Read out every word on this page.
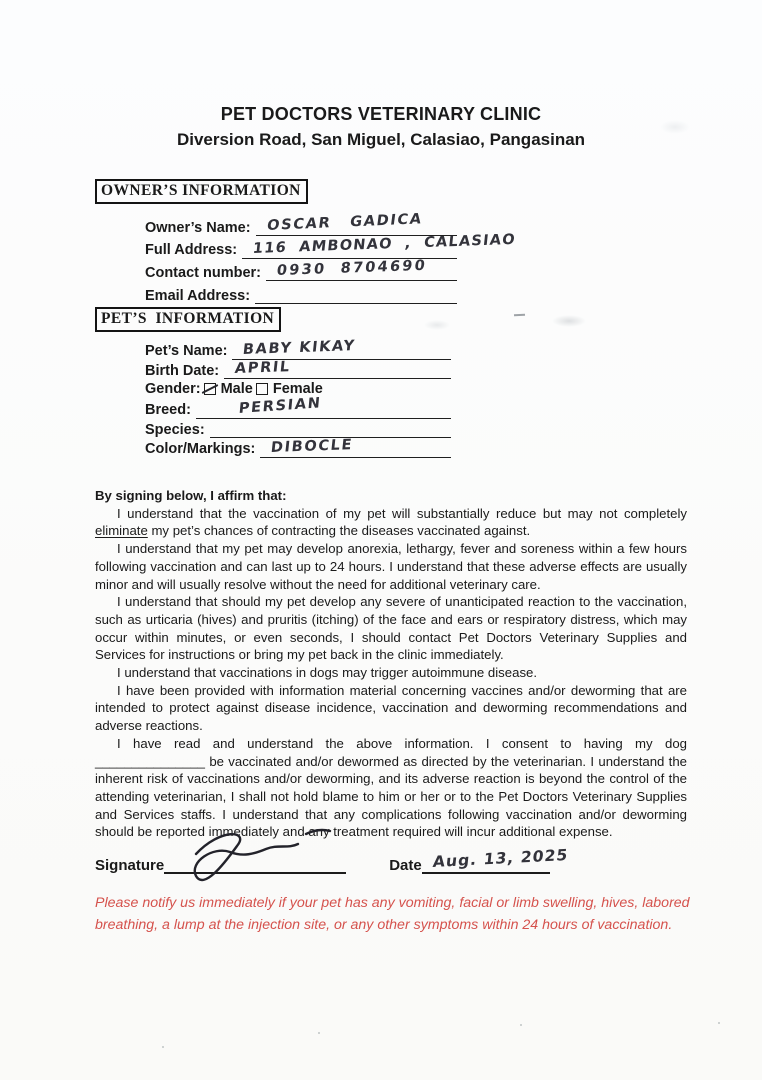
PET DOCTORS VETERINARY CLINIC
Diversion Road, San Miguel, Calasiao, Pangasinan
OWNER’S INFORMATION
Owner’s Name:	OSCAR GADICA
Full Address:	116 AMBONAO , CALASIAO
Contact number:	0930 8704690
Email Address:
PET’S  INFORMATION
Pet’s Name:	BABY KIKAY
Birth Date:	APRIL
Gender: Male Female
Breed:	PERSIAN
Species:
Color/Markings:	DIBOCLE

By signing below, I affirm that:

I understand that the vaccination of my pet will substantially reduce but may not completely eliminate my pet’s chances of contracting the diseases vaccinated against.

I understand that my pet may develop anorexia, lethargy, fever and soreness within a few hours following vaccination and can last up to 24 hours. I understand that these adverse effects are usually minor and will usually resolve without the need for additional veterinary care.

I understand that should my pet develop any severe of unanticipated reaction to the vaccination, such as urticaria (hives) and pruritis (itching) of the face and ears or respiratory distress, which may occur within minutes, or even seconds, I should contact Pet Doctors Veterinary Supplies and Services for instructions or bring my pet back in the clinic immediately.

I understand that vaccinations in dogs may trigger autoimmune disease.

I have been provided with information material concerning vaccines and/or deworming that are intended to protect against disease incidence, vaccination and deworming recommendations and adverse reactions.

I have read and understand the above information. I consent to having my dog _______________ be vaccinated and/or dewormed as directed by the veterinarian. I understand the inherent risk of vaccinations and/or deworming, and its adverse reaction is beyond the control of the attending veterinarian, I shall not hold blame to him or her or to the Pet Doctors Veterinary Supplies and Services staffs. I understand that any complications following vaccination and/or deworming should be reported immediately and any treatment required will incur additional expense.

Signature	Date Aug. 13, 2025
Please notify us immediately if your pet has any vomiting, facial or limb swelling, hives, labored breathing, a lump at the injection site, or any other symptoms within 24 hours of vaccination.
